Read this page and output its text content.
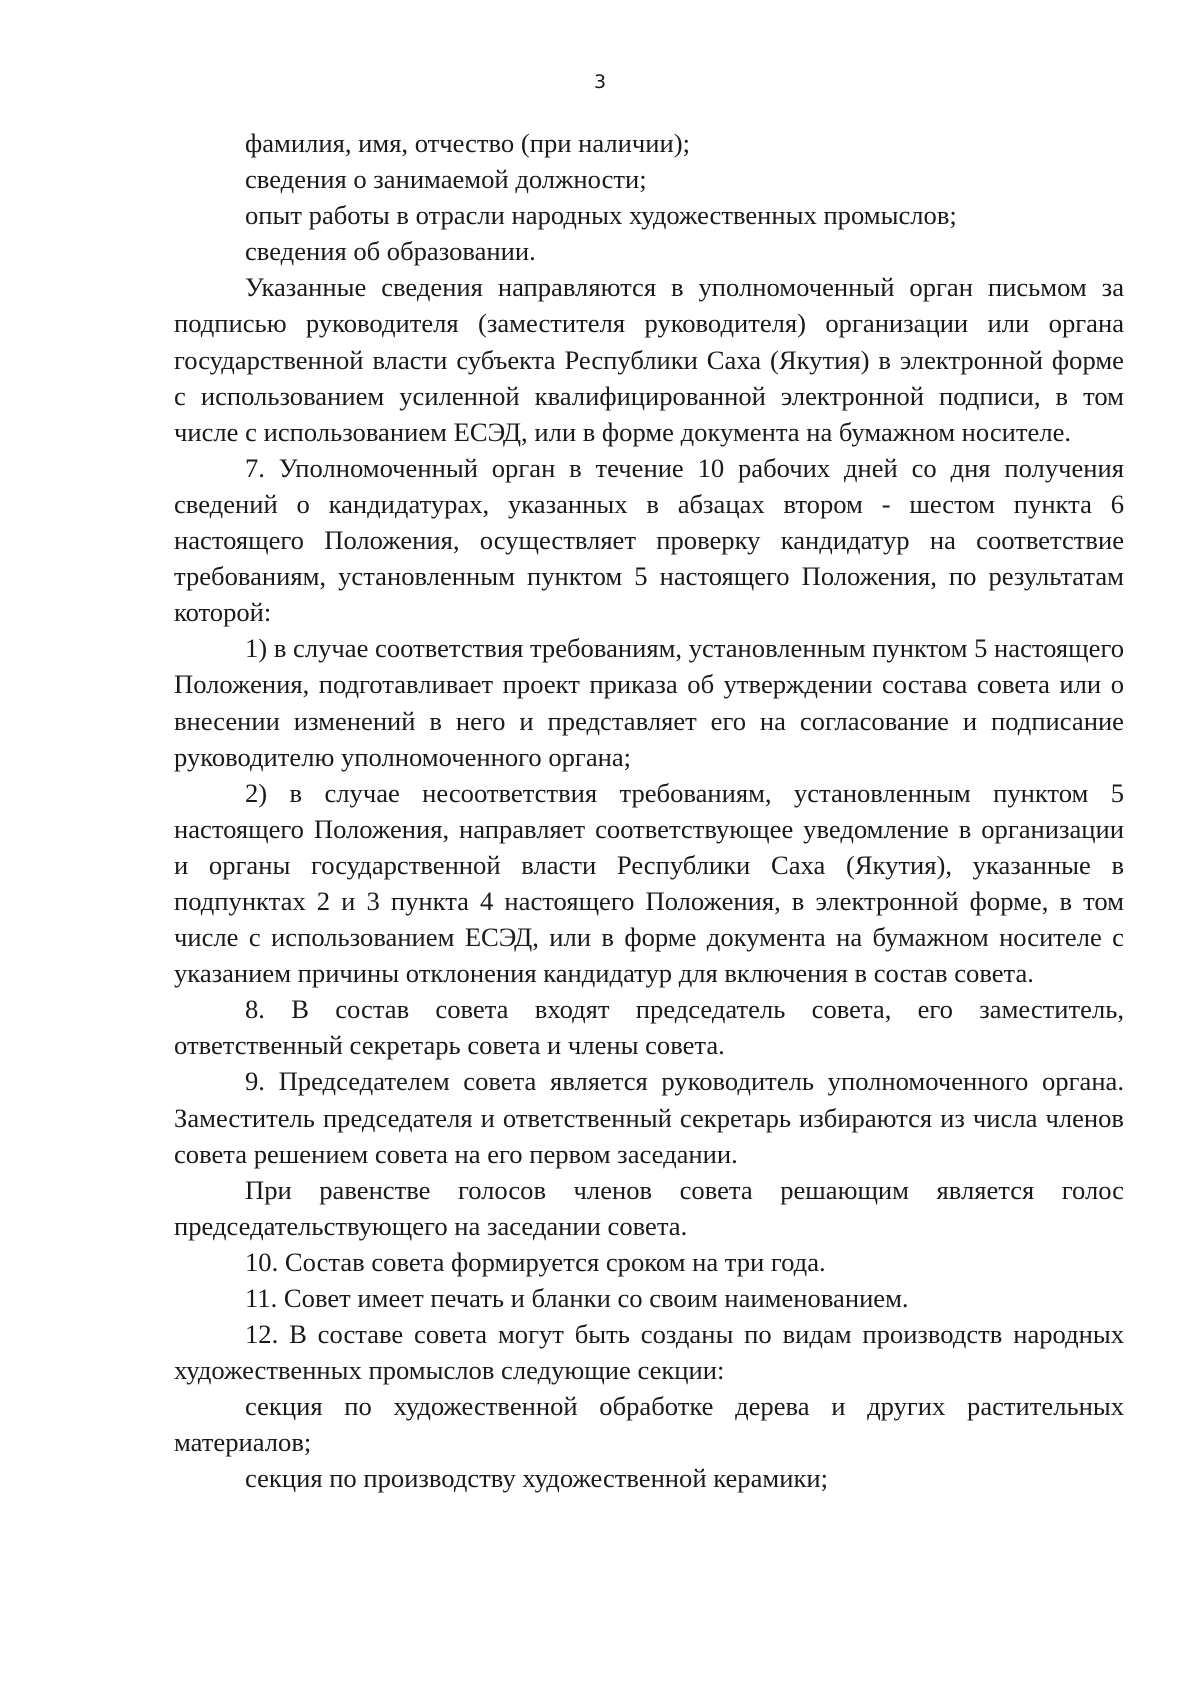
3

фамилия, имя, отчество (при наличии);

сведения о занимаемой должности;

опыт работы в отрасли народных художественных промыслов;

сведения об образовании.

Указанные сведения направляются в уполномоченный орган письмом за подписью руководителя (заместителя руководителя) организации или органа государственной власти субъекта Республики Саха (Якутия) в электронной форме с использованием усиленной квалифицированной электронной подписи, в том числе с использованием ЕСЭД, или в форме документа на бумажном носителе.

7. Уполномоченный орган в течение 10 рабочих дней со дня получения сведений о кандидатурах, указанных в абзацах втором - шестом пункта 6 настоящего Положения, осуществляет проверку кандидатур на соответствие требованиям, установленным пунктом 5 настоящего Положения, по результатам которой:

1) в случае соответствия требованиям, установленным пунктом 5 настоящего Положения, подготавливает проект приказа об утверждении состава совета или о внесении изменений в него и представляет его на согласование и подписание руководителю уполномоченного органа;

2) в случае несоответствия требованиям, установленным пунктом 5 настоящего Положения, направляет соответствующее уведомление в организации и органы государственной власти Республики Саха (Якутия), указанные в подпунктах 2 и 3 пункта 4 настоящего Положения, в электронной форме, в том числе с использованием ЕСЭД, или в форме документа на бумажном носителе с указанием причины отклонения кандидатур для включения в состав совета.

8. В состав совета входят председатель совета, его заместитель, ответственный секретарь совета и члены совета.

9. Председателем совета является руководитель уполномоченного органа. Заместитель председателя и ответственный секретарь избираются из числа членов совета решением совета на его первом заседании.

При равенстве голосов членов совета решающим является голос председательствующего на заседании совета.

10. Состав совета формируется сроком на три года.

11. Совет имеет печать и бланки со своим наименованием.

12. В составе совета могут быть созданы по видам производств народных художественных промыслов следующие секции:

секция по художественной обработке дерева и других растительных материалов;

секция по производству художественной керамики;
